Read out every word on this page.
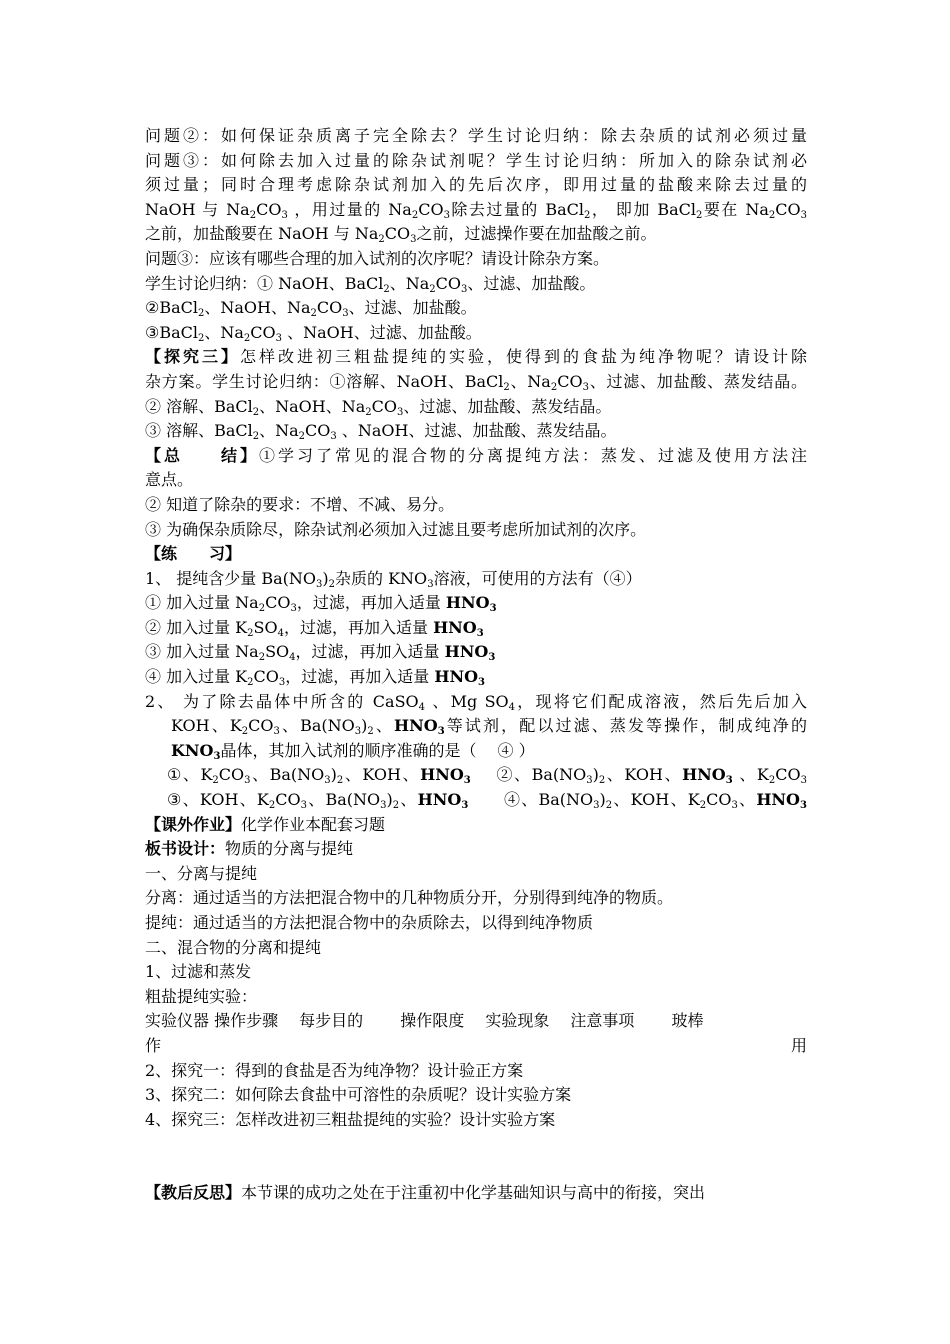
问题②：如何保证杂质离子完全除去？学生讨论归纳：除去杂质的试剂必须过量
问题③：如何除去加入过量的除杂试剂呢？学生讨论归纳：所加入的除杂试剂必
须过量；同时合理考虑除杂试剂加入的先后次序，即用过量的盐酸来除去过量的
NaOH 与 $Na_2CO_3$ ，用过量的 $Na_2CO_3$除去过量的 BaCl$_2$， 即加 BaCl$_2$要在 $Na_2CO_3$
之前，加盐酸要在 NaOH 与 $Na_2CO_3$之前，过滤操作要在加盐酸之前。
问题③：应该有哪些合理的加入试剂的次序呢？请设计除杂方案。
学生讨论归纳：① NaOH、BaCl$_2$、$Na_2CO_3$、过滤、加盐酸。
②BaCl$_2$、NaOH、$Na_2CO_3$、过滤、加盐酸。
③BaCl$_2$、$Na_2CO_3$ 、NaOH、过滤、加盐酸。
【探究三】怎样改进初三粗盐提纯的实验，使得到的食盐为纯净物呢？请设计除
杂方案。学生讨论归纳：①溶解、NaOH、BaCl$_2$、$Na_2CO_3$、过滤、加盐酸、蒸发结晶。
② 溶解、BaCl$_2$、NaOH、$Na_2CO_3$、过滤、加盐酸、蒸发结晶。
③ 溶解、BaCl$_2$、$Na_2CO_3$ 、NaOH、过滤、加盐酸、蒸发结晶。
【总　　结】①学习了常见的混合物的分离提纯方法：蒸发、过滤及使用方法注
意点。
② 知道了除杂的要求：不增、不减、易分。
③ 为确保杂质除尽，除杂试剂必须加入过滤且要考虑所加试剂的次序。
【练　　习】
1、 提纯含少量 $Ba(NO_3)_2$杂质的 $KNO_3$溶液，可使用的方法有（④）
① 加入过量 $Na_2CO_3$，过滤，再加入适量 $HNO_3$
② 加入过量 $K_2SO_4$，过滤，再加入适量 $HNO_3$
③ 加入过量 $Na_2SO_4$，过滤，再加入适量 $HNO_3$
④ 加入过量 $K_2CO_3$，过滤，再加入适量 $HNO_3$
2、 为了除去晶体中所含的 CaSO$_4$ 、Mg $SO_4$，现将它们配成溶液，然后先后加入
KOH、$K_2CO_3$、$Ba(NO_3)_2$、$HNO_3$等试剂，配以过滤、蒸发等操作，制成纯净的
$KNO_3$晶体，其加入试剂的顺序准确的是（　 ④ ）
①、$K_2CO_3$、$Ba(NO_3)_2$、KOH、$HNO_3$　 ②、$Ba(NO_3)_2$、KOH、$HNO_3$ 、$K_2CO_3$
③、KOH、$K_2CO_3$、$Ba(NO_3)_2$、$HNO_3$　　④、$Ba(NO_3)_2$、KOH、$K_2CO_3$、$HNO_3$
【课外作业】化学作业本配套习题
板书设计：物质的分离与提纯
一、分离与提纯
分离：通过适当的方法把混合物中的几种物质分开，分别得到纯净的物质。
提纯：通过适当的方法把混合物中的杂质除去，以得到纯净物质
二、混合物的分离和提纯
1、过滤和蒸发
粗盐提纯实验：
实验仪器 操作步骤　 每步目的　　 操作限度　 实验现象　 注意事项　　 玻棒
作用
2、探究一：得到的食盐是否为纯净物？设计验正方案
3、探究二：如何除去食盐中可溶性的杂质呢？设计实验方案
4、探究三：怎样改进初三粗盐提纯的实验？设计实验方案
【教后反思】本节课的成功之处在于注重初中化学基础知识与高中的衔接，突出
